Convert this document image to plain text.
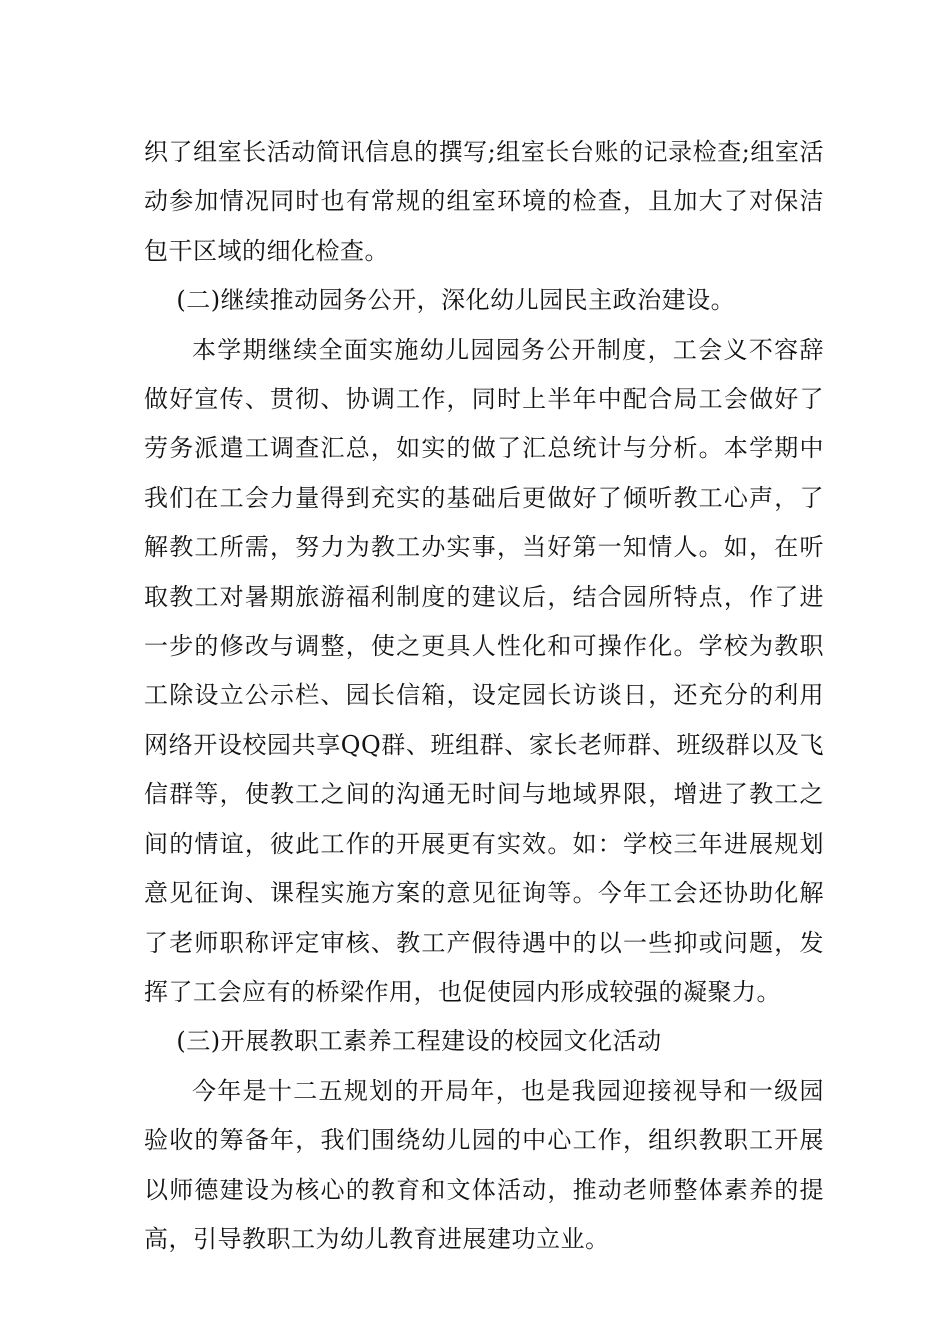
织了组室长活动简讯信息的撰写;组室长台账的记录检查;组室活动参加情况同时也有常规的组室环境的检查，且加大了对保洁包干区域的细化检查。

(二)继续推动园务公开，深化幼儿园民主政治建设。

本学期继续全面实施幼儿园园务公开制度，工会义不容辞做好宣传、贯彻、协调工作，同时上半年中配合局工会做好了劳务派遣工调查汇总，如实的做了汇总统计与分析。本学期中我们在工会力量得到充实的基础后更做好了倾听教工心声，了解教工所需，努力为教工办实事，当好第一知情人。如，在听取教工对暑期旅游福利制度的建议后，结合园所特点，作了进一步的修改与调整，使之更具人性化和可操作化。学校为教职工除设立公示栏、园长信箱，设定园长访谈日，还充分的利用网络开设校园共享QQ群、班组群、家长老师群、班级群以及飞信群等，使教工之间的沟通无时间与地域界限，增进了教工之间的情谊，彼此工作的开展更有实效。如：学校三年进展规划意见征询、课程实施方案的意见征询等。今年工会还协助化解了老师职称评定审核、教工产假待遇中的以一些抑或问题，发挥了工会应有的桥梁作用，也促使园内形成较强的凝聚力。

(三)开展教职工素养工程建设的校园文化活动

今年是十二五规划的开局年，也是我园迎接视导和一级园验收的筹备年，我们围绕幼儿园的中心工作，组织教职工开展以师德建设为核心的教育和文体活动，推动老师整体素养的提高，引导教职工为幼儿教育进展建功立业。
